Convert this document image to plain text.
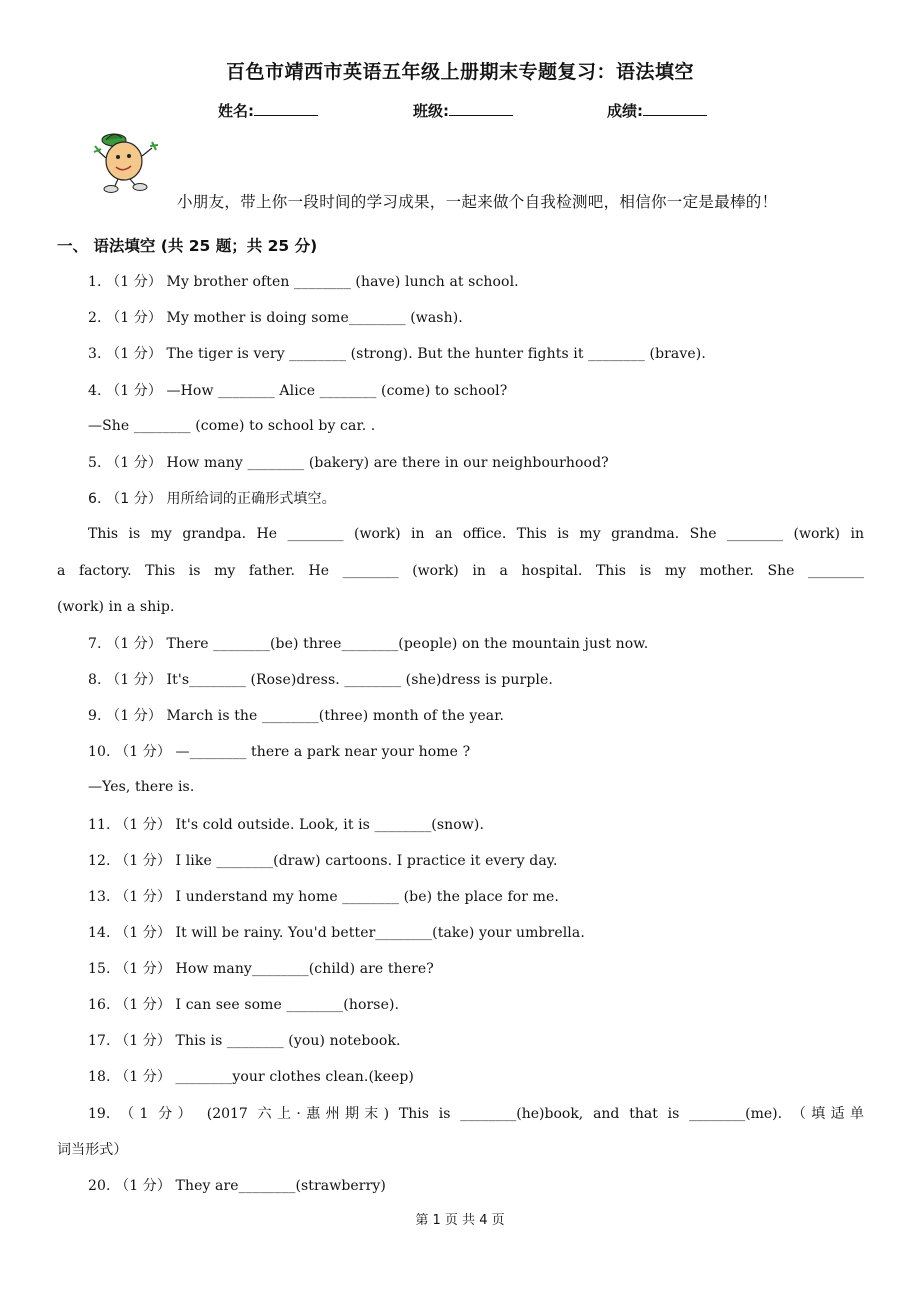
百色市靖西市英语五年级上册期末专题复习：语法填空
姓名:	班级:	成绩:
小朋友，带上你一段时间的学习成果，一起来做个自我检测吧，相信你一定是最棒的！
一、 语法填空 (共 25 题；共 25 分)
1. （1 分） My brother often ________ (have) lunch at school.
2. （1 分） My mother is doing some________ (wash).
3. （1 分） The tiger is very ________ (strong). But the hunter fights it ________ (brave).
4. （1 分） —How ________ Alice ________ (come) to school?
—She ________ (come) to school by car. .
5. （1 分） How many ________ (bakery) are there in our neighbourhood?
6. （1 分） 用所给词的正确形式填空。
This is my grandpa. He ________ (work) in an office. This is my grandma. She ________ (work) in
a factory. This is my father. He ________ (work) in a hospital. This is my mother. She ________
(work) in a ship.
7. （1 分） There ________(be) three________(people) on the mountain just now.
8. （1 分） It's________ (Rose)dress. ________ (she)dress is purple.
9. （1 分） March is the ________(three) month of the year.
10. （1 分） —________ there a park near your home ?
—Yes, there is.
11. （1 分） It's cold outside. Look, it is ________(snow).
12. （1 分） I like ________(draw) cartoons. I practice it every day.
13. （1 分） I understand my home ________ (be) the place for me.
14. （1 分） It will be rainy. You'd better________(take) your umbrella.
15. （1 分） How many________(child) are there?
16. （1 分） I can see some ________(horse).
17. （1 分） This is ________ (you) notebook.
18. （1 分） ________your clothes clean.(keep)
19. （1 分） (2017 六上·惠州期末) This is ________(he)book, and that is ________(me). （填适单
词当形式）
20. （1 分） They are________(strawberry)
第 1 页 共 4 页
